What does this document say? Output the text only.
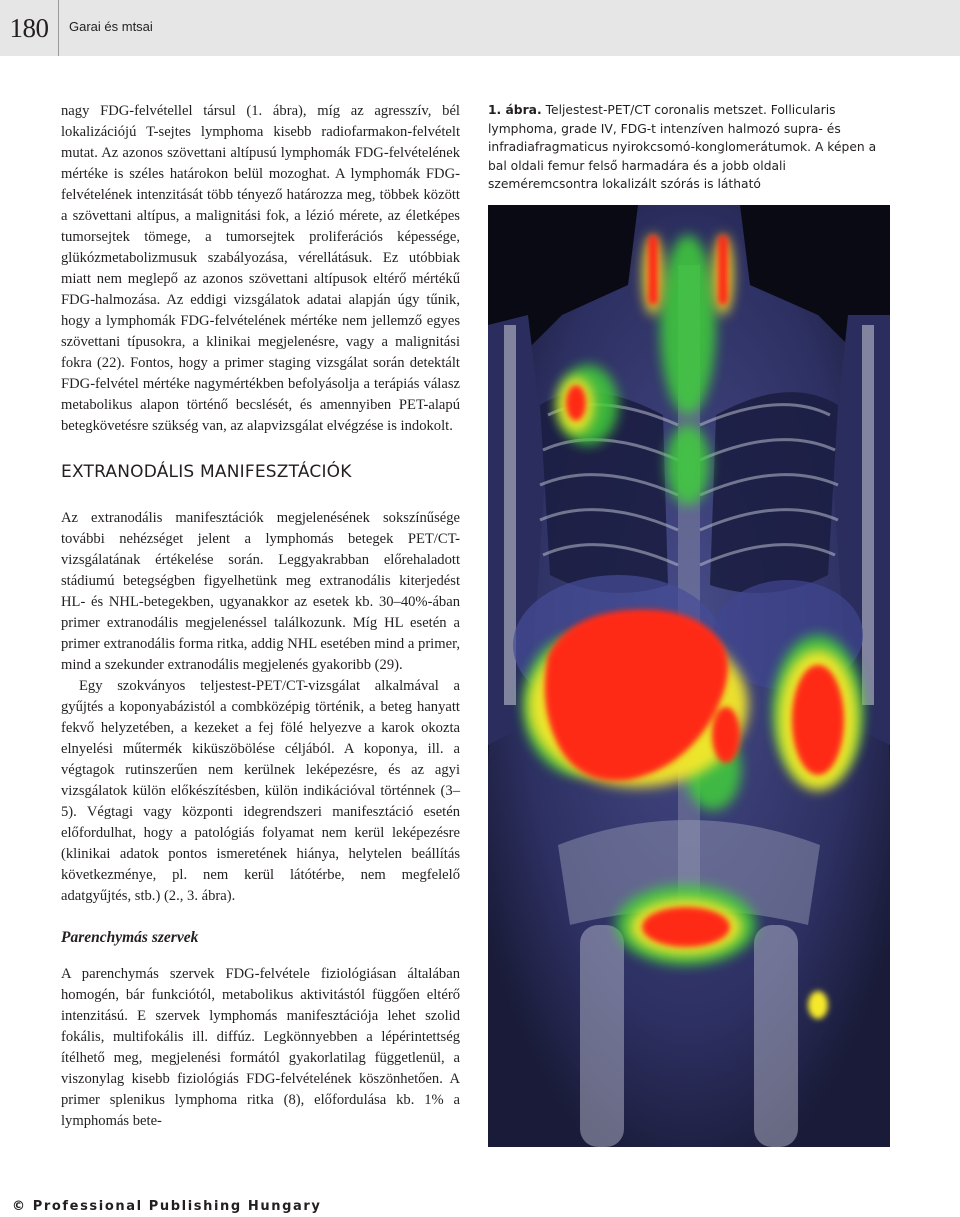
180	Garai és mtsai

nagy FDG-felvétellel társul (1. ábra), míg az agresszív, bél lokalizációjú T-sejtes lymphoma kisebb radiofarmakon-felvételt mutat. Az azonos szövettani altípusú lymphomák FDG-felvételének mértéke is széles határokon belül mozoghat. A lymphomák FDG-felvételének intenzitását több tényező határozza meg, többek között a szövettani altípus, a malignitási fok, a lézió mérete, az életképes tumorsejtek tömege, a tumorsejtek proliferációs képessége, glükózmetabolizmusuk szabályozása, vérellátásuk. Ez utóbbiak miatt nem meglepő az azonos szövettani altípusok eltérő mértékű FDG-halmozása. Az eddigi vizsgálatok adatai alapján úgy tűnik, hogy a lymphomák FDG-felvételének mértéke nem jellemző egyes szövettani típusokra, a klinikai megjelenésre, vagy a malignitási fokra (22). Fontos, hogy a primer staging vizsgálat során detektált FDG-felvétel mértéke nagymértékben befolyásolja a terápiás válasz metabolikus alapon történő becslését, és amennyiben PET-alapú betegkövetésre szükség van, az alapvizsgálat elvégzése is indokolt.

EXTRANODÁLIS MANIFESZTÁCIÓK

Az extranodális manifesztációk megjelenésének sokszínűsége további nehézséget jelent a lymphomás betegek PET/CT-vizsgálatának értékelése során. Leggyakrabban előrehaladott stádiumú betegségben figyelhetünk meg extranodális kiterjedést HL- és NHL-betegekben, ugyanakkor az esetek kb. 30–40%-ában primer extranodális megjelenéssel találkozunk. Míg HL esetén a primer extranodális forma ritka, addig NHL esetében mind a primer, mind a szekunder extranodális megjelenés gyakoribb (29).

Egy szokványos teljestest-PET/CT-vizsgálat alkalmával a gyűjtés a koponyabázistól a combközépig történik, a beteg hanyatt fekvő helyzetében, a kezeket a fej fölé helyezve a karok okozta elnyelési műtermék kiküszöbölése céljából. A koponya, ill. a végtagok rutinszerűen nem kerülnek leképezésre, és az agyi vizsgálatok külön előkészítésben, külön indikációval történnek (3–5). Végtagi vagy központi idegrendszeri manifesztáció esetén előfordulhat, hogy a patológiás folyamat nem kerül leképezésre (klinikai adatok pontos ismeretének hiánya, helytelen beállítás következménye, pl. nem kerül látótérbe, nem megfelelő adatgyűjtés, stb.) (2., 3. ábra).

Parenchymás szervek

A parenchymás szervek FDG-felvétele fiziológiásan általában homogén, bár funkciótól, metabolikus aktivitástól függően eltérő intenzitású. E szervek lymphomás manifesztációja lehet szolid fokális, multifokális ill. diffúz. Legkönnyebben a lépérintettség ítélhető meg, megjelenési formától gyakorlatilag függetlenül, a viszonylag kisebb fiziológiás FDG-felvételének köszönhetően. A primer splenikus lymphoma ritka (8), előfordulása kb. 1% a lymphomás bete-

1. ábra. Teljestest-PET/CT coronalis metszet. Follicularis lymphoma, grade IV, FDG-t intenzíven halmozó supra- és infradiafragmaticus nyirokcsomó-konglomerátumok. A képen a bal oldali femur felső harmadára és a jobb oldali szeméremcsontra lokalizált szórás is látható

© Professional Publishing Hungary
